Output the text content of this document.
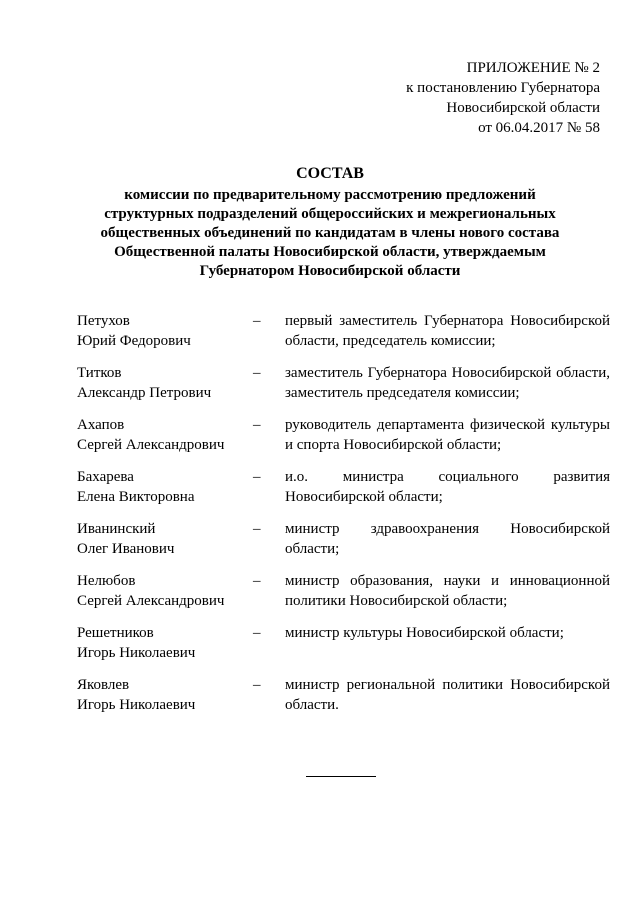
ПРИЛОЖЕНИЕ № 2
к постановлению Губернатора
Новосибирской области
от 06.04.2017 № 58
СОСТАВ
комиссии по предварительному рассмотрению предложений
структурных подразделений общероссийских и межрегиональных
общественных объединений по кандидатам в члены нового состава
Общественной палаты Новосибирской области, утверждаемым
Губернатором Новосибирской области
Петухов
Юрий Федорович
–	первый заместитель Губернатора Новосибирской области, председатель комиссии;
Титков
Александр Петрович
–	заместитель Губернатора Новосибирской области, заместитель председателя комиссии;
Ахапов
Сергей Александрович
–	руководитель департамента физической культуры и спорта Новосибирской области;
Бахарева
Елена Викторовна
–	и.о. министра социального развития Новосибирской области;
Иванинский
Олег Иванович
–	министр здравоохранения Новосибирской области;
Нелюбов
Сергей Александрович
–	министр образования, науки и инновационной политики Новосибирской области;
Решетников
Игорь Николаевич
–	министр культуры Новосибирской области;
Яковлев
Игорь Николаевич
–	министр региональной политики Новосибирской области.
